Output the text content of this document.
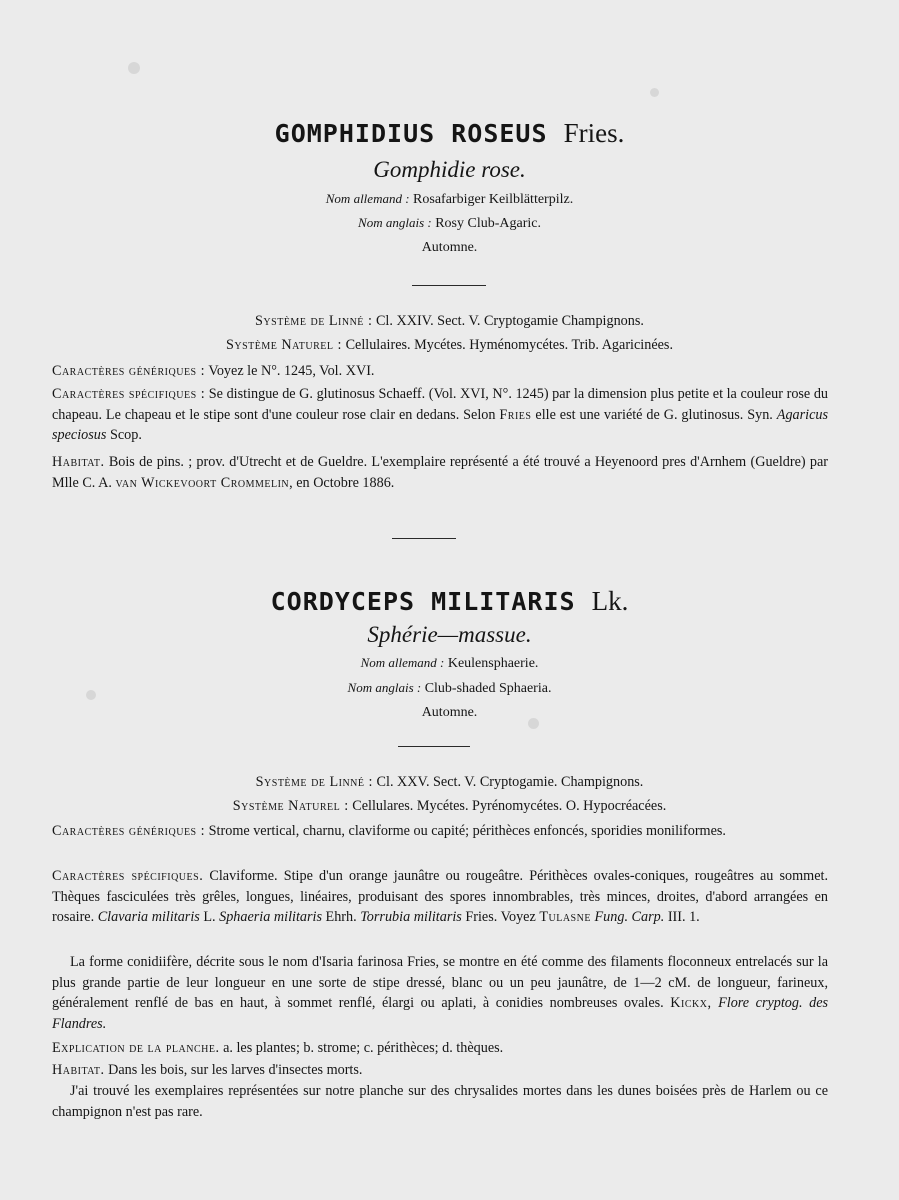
GOMPHIDIUS ROSEUS Fries.
Gomphidie rose.
Nom allemand : Rosafarbiger Keilblätterpilz.
Nom anglais : Rosy Club-Agaric.
Automne.
Système de Linné : Cl. XXIV. Sect. V. Cryptogamie Champignons.
Système Naturel : Cellulaires. Mycétes. Hyménomycétes. Trib. Agaricinées.
Caractères génériques : Voyez le N°. 1245, Vol. XVI.
Caractères spécifiques : Se distingue de G. glutinosus Schaeff. (Vol. XVI, N°. 1245) par la dimension plus petite et la couleur rose du chapeau. Le chapeau et le stipe sont d'une couleur rose clair en dedans. Selon Fries elle est une variété de G. glutinosus. Syn. Agaricus speciosus Scop.
Habitat. Bois de pins. ; prov. d'Utrecht et de Gueldre. L'exemplaire représenté a été trouvé a Heyenoord pres d'Arnhem (Gueldre) par Mlle C. A. van Wickevoort Crommelin, en Octobre 1886.
CORDYCEPS MILITARIS Lk.
Sphérie—massue.
Nom allemand : Keulensphaerie.
Nom anglais : Club-shaded Sphaeria.
Automne.
Système de Linné : Cl. XXV. Sect. V. Cryptogamie. Champignons.
Système Naturel : Cellulares. Mycétes. Pyrénomycétes. O. Hypocréacées.
Caractères génériques : Strome vertical, charnu, claviforme ou capité; périthèces enfoncés, sporidies moniliformes.
Caractères spécifiques. Claviforme. Stipe d'un orange jaunâtre ou rougeâtre. Périthèces ovales-coniques, rougeâtres au sommet. Thèques fasciculées très grêles, longues, linéaires, produisant des spores innombrables, très minces, droites, d'abord arrangées en rosaire. Clavaria militaris L. Sphaeria militaris Ehrh. Torrubia militaris Fries. Voyez Tulasne Fung. Carp. III. 1.
La forme conidiifère, décrite sous le nom d'Isaria farinosa Fries, se montre en été comme des filaments floconneux entrelacés sur la plus grande partie de leur longueur en une sorte de stipe dressé, blanc ou un peu jaunâtre, de 1—2 cM. de longueur, farineux, généralement renflé de bas en haut, à sommet renflé, élargi ou aplati, à conidies nombreuses ovales. Kickx, Flore cryptog. des Flandres.
Explication de la planche. a. les plantes; b. strome; c. périthèces; d. thèques.
Habitat. Dans les bois, sur les larves d'insectes morts.
J'ai trouvé les exemplaires représentées sur notre planche sur des chrysalides mortes dans les dunes boisées près de Harlem ou ce champignon n'est pas rare.
